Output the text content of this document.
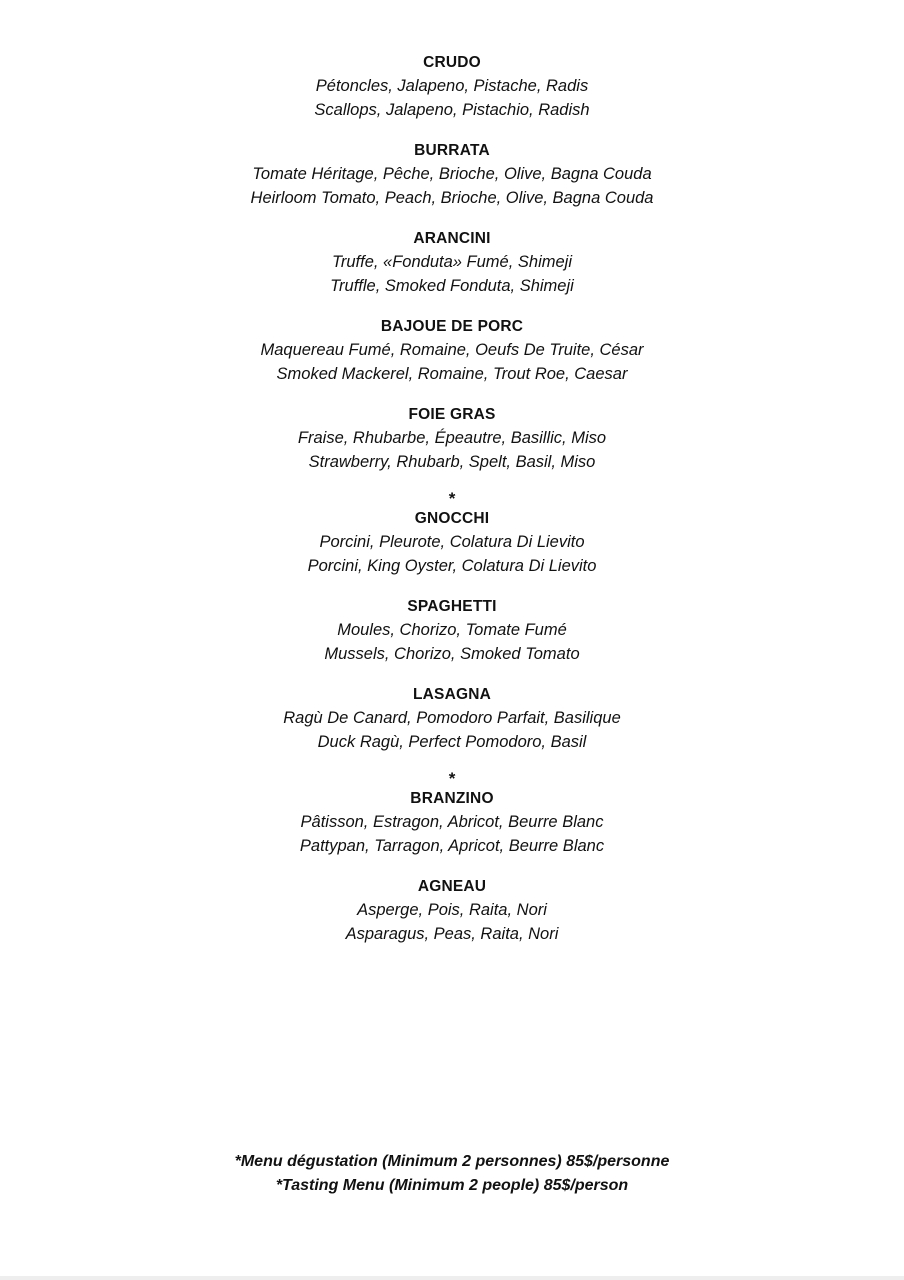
CRUDO
Pétoncles, Jalapeno, Pistache, Radis
Scallops, Jalapeno, Pistachio, Radish
BURRATA
Tomate Héritage, Pêche, Brioche, Olive, Bagna Couda
Heirloom Tomato, Peach, Brioche, Olive, Bagna Couda
ARANCINI
Truffe, «Fonduta» Fumé, Shimeji
Truffle, Smoked Fonduta, Shimeji
BAJOUE DE PORC
Maquereau Fumé, Romaine, Oeufs De Truite, César
Smoked Mackerel, Romaine, Trout Roe, Caesar
FOIE GRAS
Fraise, Rhubarbe, Épeautre, Basillic, Miso
Strawberry, Rhubarb, Spelt, Basil, Miso
*
GNOCCHI
Porcini, Pleurote, Colatura Di Lievito
Porcini, King Oyster, Colatura Di Lievito
SPAGHETTI
Moules, Chorizo, Tomate Fumé
Mussels, Chorizo, Smoked Tomato
LASAGNA
Ragù De Canard, Pomodoro Parfait, Basilique
Duck Ragù, Perfect Pomodoro, Basil
*
BRANZINO
Pâtisson, Estragon, Abricot, Beurre Blanc
Pattypan, Tarragon, Apricot, Beurre Blanc
AGNEAU
Asperge, Pois, Raita, Nori
Asparagus, Peas, Raita, Nori
*Menu dégustation (Minimum 2 personnes) 85$/personne
*Tasting Menu (Minimum 2 people) 85$/person
